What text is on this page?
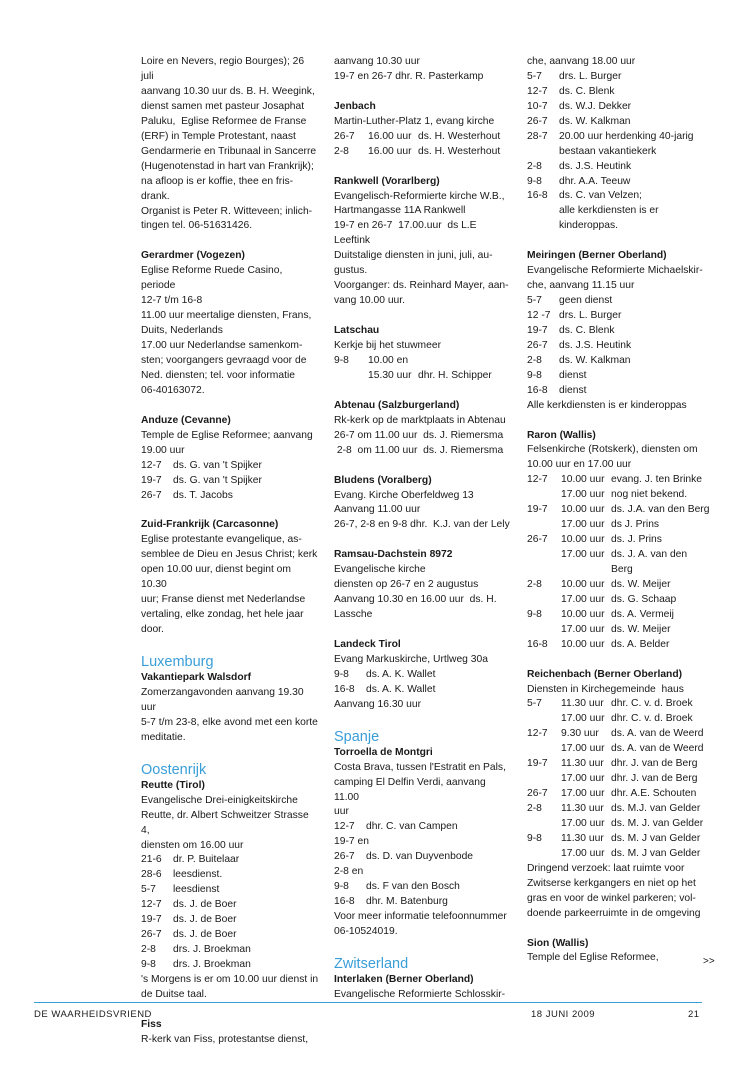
Loire en Nevers, regio Bourges); 26 juli
aanvang 10.30 uur ds. B. H. Weegink,
dienst samen met pasteur Josaphat
Paluku,  Eglise Reformee de Franse
(ERF) in Temple Protestant, naast
Gendarmerie en Tribunaal in Sancerre
(Hugenotenstad in hart van Frankrijk);
na afloop is er koffie, thee en fris-
drank.
Organist is Peter R. Witteveen; inlich-
tingen tel. 06-51631426.
Gerardmer (Vogezen)
Eglise Reforme Ruede Casino, periode
12-7 t/m 16-8
11.00 uur meertalige diensten, Frans,
Duits, Nederlands
17.00 uur Nederlandse samenkom-
sten; voorgangers gevraagd voor de
Ned. diensten; tel. voor informatie
06-40163072.
Anduze (Cevanne)
Temple de Eglise Reformee; aanvang
19.00 uur
12-7 ds. G. van 't Spijker
19-7 ds. G. van 't Spijker
26-7 ds. T. Jacobs
Zuid-Frankrijk (Carcasonne)
Eglise protestante evangelique, as-
semblee de Dieu en Jesus Christ; kerk
open 10.00 uur, dienst begint om 10.30
uur; Franse dienst met Nederlandse
vertaling, elke zondag, het hele jaar
door.
Luxemburg
Vakantiepark Walsdorf
Zomerzangavonden aanvang 19.30 uur
5-7 t/m 23-8, elke avond met een korte
meditatie.
Oostenrijk
Reutte (Tirol)
Evangelische Drei-einigkeitskirche
Reutte, dr. Albert Schweitzer Strasse 4,
diensten om 16.00 uur
21-6 dr. P. Buitelaar
28-6 leesdienst.
5-7 leesdienst
12-7 ds. J. de Boer
19-7 ds. J. de Boer
26-7 ds. J. de Boer
2-8 drs. J. Broekman
9-8 drs. J. Broekman
's Morgens is er om 10.00 uur dienst in
de Duitse taal.
Fiss
R-kerk van Fiss, protestantse dienst,
aanvang 10.30 uur
19-7 en 26-7 dhr. R. Pasterkamp
Jenbach
Martin-Luther-Platz 1, evang kirche
26-7 16.00 uur ds. H. Westerhout
2-8 16.00 uur ds. H. Westerhout
Rankwell (Vorarlberg)
Evangelisch-Reformierte kirche W.B.,
Hartmangasse 11A Rankwell
19-7 en 26-7  17.00.uur  ds L.E Leeftink
Duitstalige diensten in juni, juli, au-
gustus.
Voorganger: ds. Reinhard Mayer, aan-
vang 10.00 uur.
Latschau
Kerkje bij het stuwmeer
9-8 10.00 en
15.30 uur dhr. H. Schipper
Abtenau (Salzburgerland)
Rk-kerk op de marktplaats in Abtenau
26-7 om 11.00 uur  ds. J. Riemersma
2-8  om 11.00 uur  ds. J. Riemersma
Bludens (Voralberg)
Evang. Kirche Oberfeldweg 13
Aanvang 11.00 uur
26-7, 2-8 en 9-8 dhr.  K.J. van der Lely
Ramsau-Dachstein 8972
Evangelische kirche
diensten op 26-7 en 2 augustus
Aanvang 10.30 en 16.00 uur  ds. H.
Lassche
Landeck Tirol
Evang Markuskirche, Urtlweg 30a
9-8 ds. A. K. Wallet
16-8 ds. A. K. Wallet
Aanvang 16.30 uur
Spanje
Torroella de Montgri
Costa Brava, tussen l'Estratit en Pals,
camping El Delfin Verdi, aanvang 11.00
uur
12-7 dhr. C. van Campen
19-7 en
26-7 ds. D. van Duyvenbode
2-8 en
9-8 ds. F van den Bosch
16-8 dhr. M. Batenburg
Voor meer informatie telefoonnummer
06-10524019.
Zwitserland
Interlaken (Berner Oberland)
Evangelische Reformierte Schlosskir-
che, aanvang 18.00 uur
5-7 drs. L. Burger
12-7 ds. C. Blenk
10-7 ds. W.J. Dekker
26-7 ds. W. Kalkman
28-7 20.00 uur herdenking 40-jarig
bestaan vakantiekerk
2-8 ds. J.S. Heutink
9-8 dhr. A.A. Teeuw
16-8 ds. C. van Velzen;
alle kerkdiensten is er
kinderoppas.
Meiringen (Berner Oberland)
Evangelische Reformierte Michaelskir-
che, aanvang 11.15 uur
5-7 geen dienst
12 -7 drs. L. Burger
19-7 ds. C. Blenk
26-7 ds. J.S. Heutink
2-8 ds. W. Kalkman
9-8 dienst
16-8 dienst
Alle kerkdiensten is er kinderoppas
Raron (Wallis)
Felsenkirche (Rotskerk), diensten om
10.00 uur en 17.00 uur
12-7 10.00 uur evang. J. ten Brinke
17.00 uur nog niet bekend.
19-7 10.00 uur ds. J.A. van den Berg
17.00 uur ds J. Prins
26-7 10.00 uur ds. J. Prins
17.00 uur ds. J. A. van den
Berg
2-8 10.00 uur ds. W. Meijer
17.00 uur ds. G. Schaap
9-8 10.00 uur ds. A. Vermeij
17.00 uur ds. W. Meijer
16-8 10.00 uur ds. A. Belder
Reichenbach (Berner Oberland)
Diensten in Kirchegemeinde  haus
5-7 11.30 uur dhr. C. v. d. Broek
17.00 uur dhr. C. v. d. Broek
12-7 9.30 uur ds. A. van de Weerd
17.00 uur ds. A. van de Weerd
19-7 11.30 uur dhr. J. van de Berg
17.00 uur dhr. J. van de Berg
26-7 17.00 uur dhr. A.E. Schouten
2-8 11.30 uur ds. M.J. van Gelder
17.00 uur ds. M. J. van Gelder
9-8 11.30 uur ds. M. J van Gelder
17.00 uur ds. M. J van Gelder
Dringend verzoek: laat ruimte voor
Zwitserse kerkgangers en niet op het
gras en voor de winkel parkeren; vol-
doende parkeerruimte in de omgeving
Sion (Wallis)
Temple del Eglise Reformee,	>>
DE WAARHEIDSVRIEND	18 JUNI 2009	21
